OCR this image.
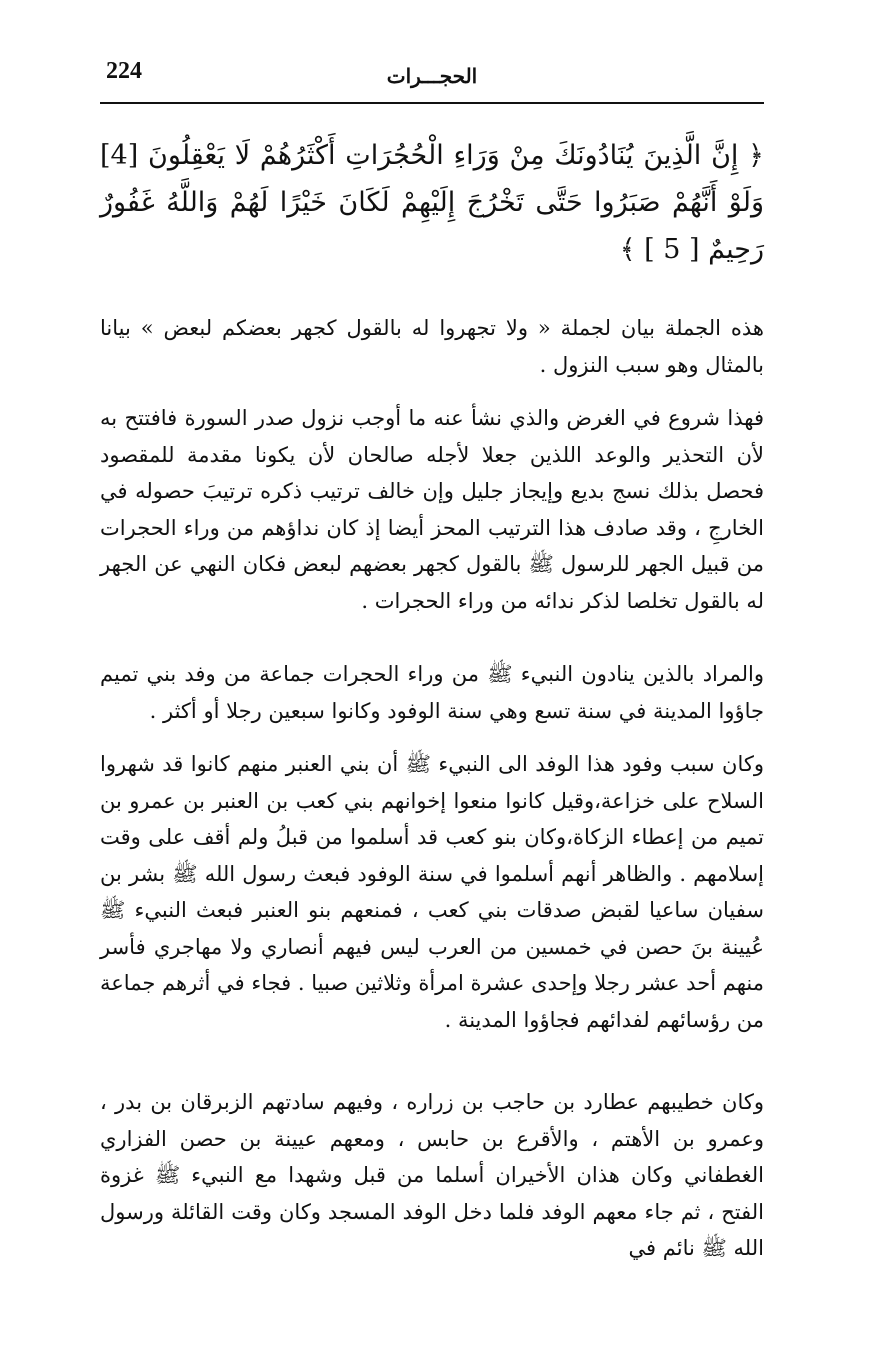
224	الحجـــرات
﴿ إِنَّ الَّذِينَ يُنَادُونَكَ مِنْ وَرَاءِ الْحُجُرَاتِ أَكْثَرُهُمْ لَا يَعْقِلُونَ [4] وَلَوْ أَنَّهُمْ صَبَرُوا حَتَّى تَخْرُجَ إِلَيْهِمْ لَكَانَ خَيْرًا لَهُمْ وَاللَّهُ غَفُورٌ رَحِيمٌ [ 5 ] ﴾

هذه الجملة بيان لجملة « ولا تجهروا له بالقول كجهر بعضكم لبعض » بيانا بالمثال وهو سبب النزول .

فهذا شروع في الغرض والذي نشأ عنه ما أوجب نزول صدر السورة فافتتح به لأن التحذير والوعد اللذين جعلا لأجله صالحان لأن يكونا مقدمة للمقصود فحصل بذلك نسج بديع وإيجاز جليل وإن خالف ترتيب ذكره ترتيبَ حصوله في الخارجِ ، وقد صادف هذا الترتيب المحز أيضا إذ كان نداؤهم من وراء الحجرات من قبيل الجهر للرسول ﷺ بالقول كجهر بعضهم لبعض فكان النهي عن الجهر له بالقول تخلصا لذكر ندائه من وراء الحجرات .

والمراد بالذين ينادون النبيء ﷺ من وراء الحجرات جماعة من وفد بني تميم جاؤوا المدينة في سنة تسع وهي سنة الوفود وكانوا سبعين رجلا أو أكثر .

وكان سبب وفود هذا الوفد الى النبيء ﷺ أن بني العنبر منهم كانوا قد شهروا السلاح على خزاعة،وقيل كانوا منعوا إخوانهم بني كعب بن العنبر بن عمرو بن تميم من إعطاء الزكاة،وكان بنو كعب قد أسلموا من قبلُ ولم أقف على وقت إسلامهم . والظاهر أنهم أسلموا في سنة الوفود فبعث رسول الله ﷺ بشر بن سفيان ساعيا لقبض صدقات بني كعب ، فمنعهم بنو العنبر فبعث النبيء ﷺ عُيينة بنَ حصن في خمسين من العرب ليس فيهم أنصاري ولا مهاجري فأسر منهم أحد عشر رجلا وإحدى عشرة امرأة وثلاثين صبيا . فجاء في أثرهم جماعة من رؤسائهم لفدائهم فجاؤوا المدينة .

وكان خطيبهم عطارد بن حاجب بن زراره ، وفيهم سادتهم الزبرقان بن بدر ، وعمرو بن الأهتم ، والأقرع بن حابس ، ومعهم عيينة بن حصن الفزاري الغطفاني وكان هذان الأخيران أسلما من قبل وشهدا مع النبيء ﷺ غزوة الفتح ، ثم جاء معهم الوفد فلما دخل الوفد المسجد وكان وقت القائلة ورسول الله ﷺ نائم في
